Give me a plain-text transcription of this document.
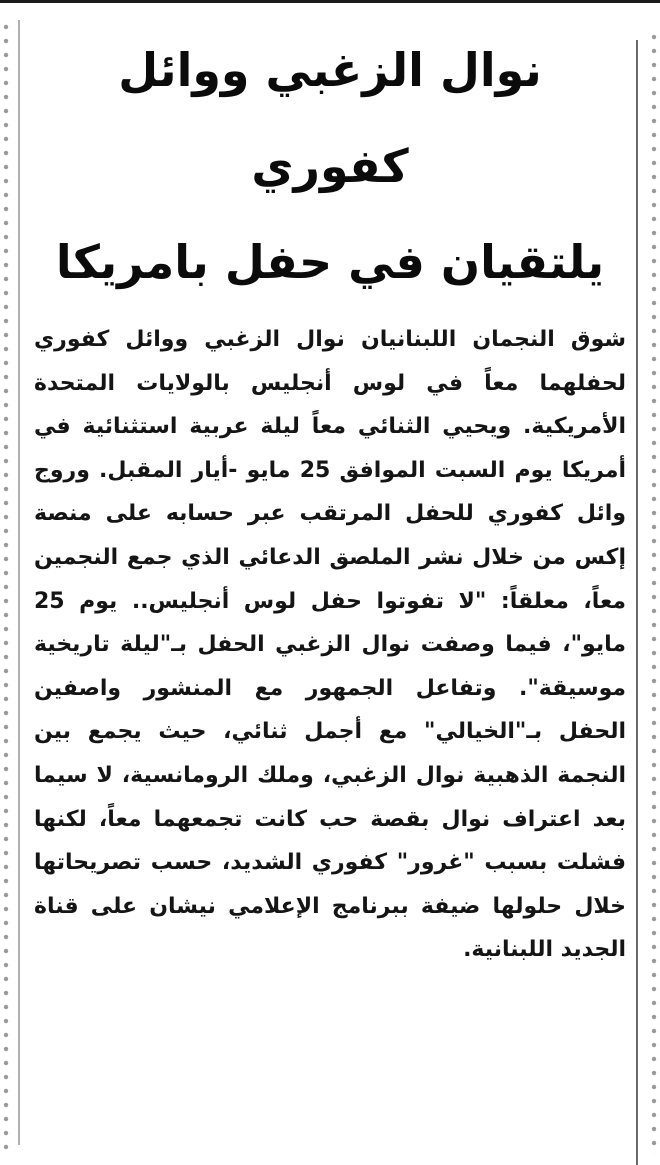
نوال الزغبي ووائل كفوري
يلتقيان في حفل بامريكا

شوق النجمان اللبنانيان نوال الزغبي ووائل كفوري لحفلهما معاً في لوس أنجليس بالولايات المتحدة الأمريكية. ويحيي الثنائي معاً ليلة عربية استثنائية في أمريكا يوم السبت الموافق 25 مايو -أيار المقبل. وروج وائل كفوري للحفل المرتقب عبر حسابه على منصة إكس من خلال نشر الملصق الدعائي الذي جمع النجمين معاً، معلقاً: "لا تفوتوا حفل لوس أنجليس.. يوم 25 مايو"، فيما وصفت نوال الزغبي الحفل بـ"ليلة تاريخية موسيقة". وتفاعل الجمهور مع المنشور واصفين الحفل بـ"الخيالي" مع أجمل ثنائي، حيث يجمع بين النجمة الذهبية نوال الزغبي، وملك الرومانسية، لا سيما بعد اعتراف نوال بقصة حب كانت تجمعهما معاً، لكنها فشلت بسبب "غرور" كفوري الشديد، حسب تصريحاتها خلال حلولها ضيفة ببرنامج الإعلامي نيشان على قناة الجديد اللبنانية.
